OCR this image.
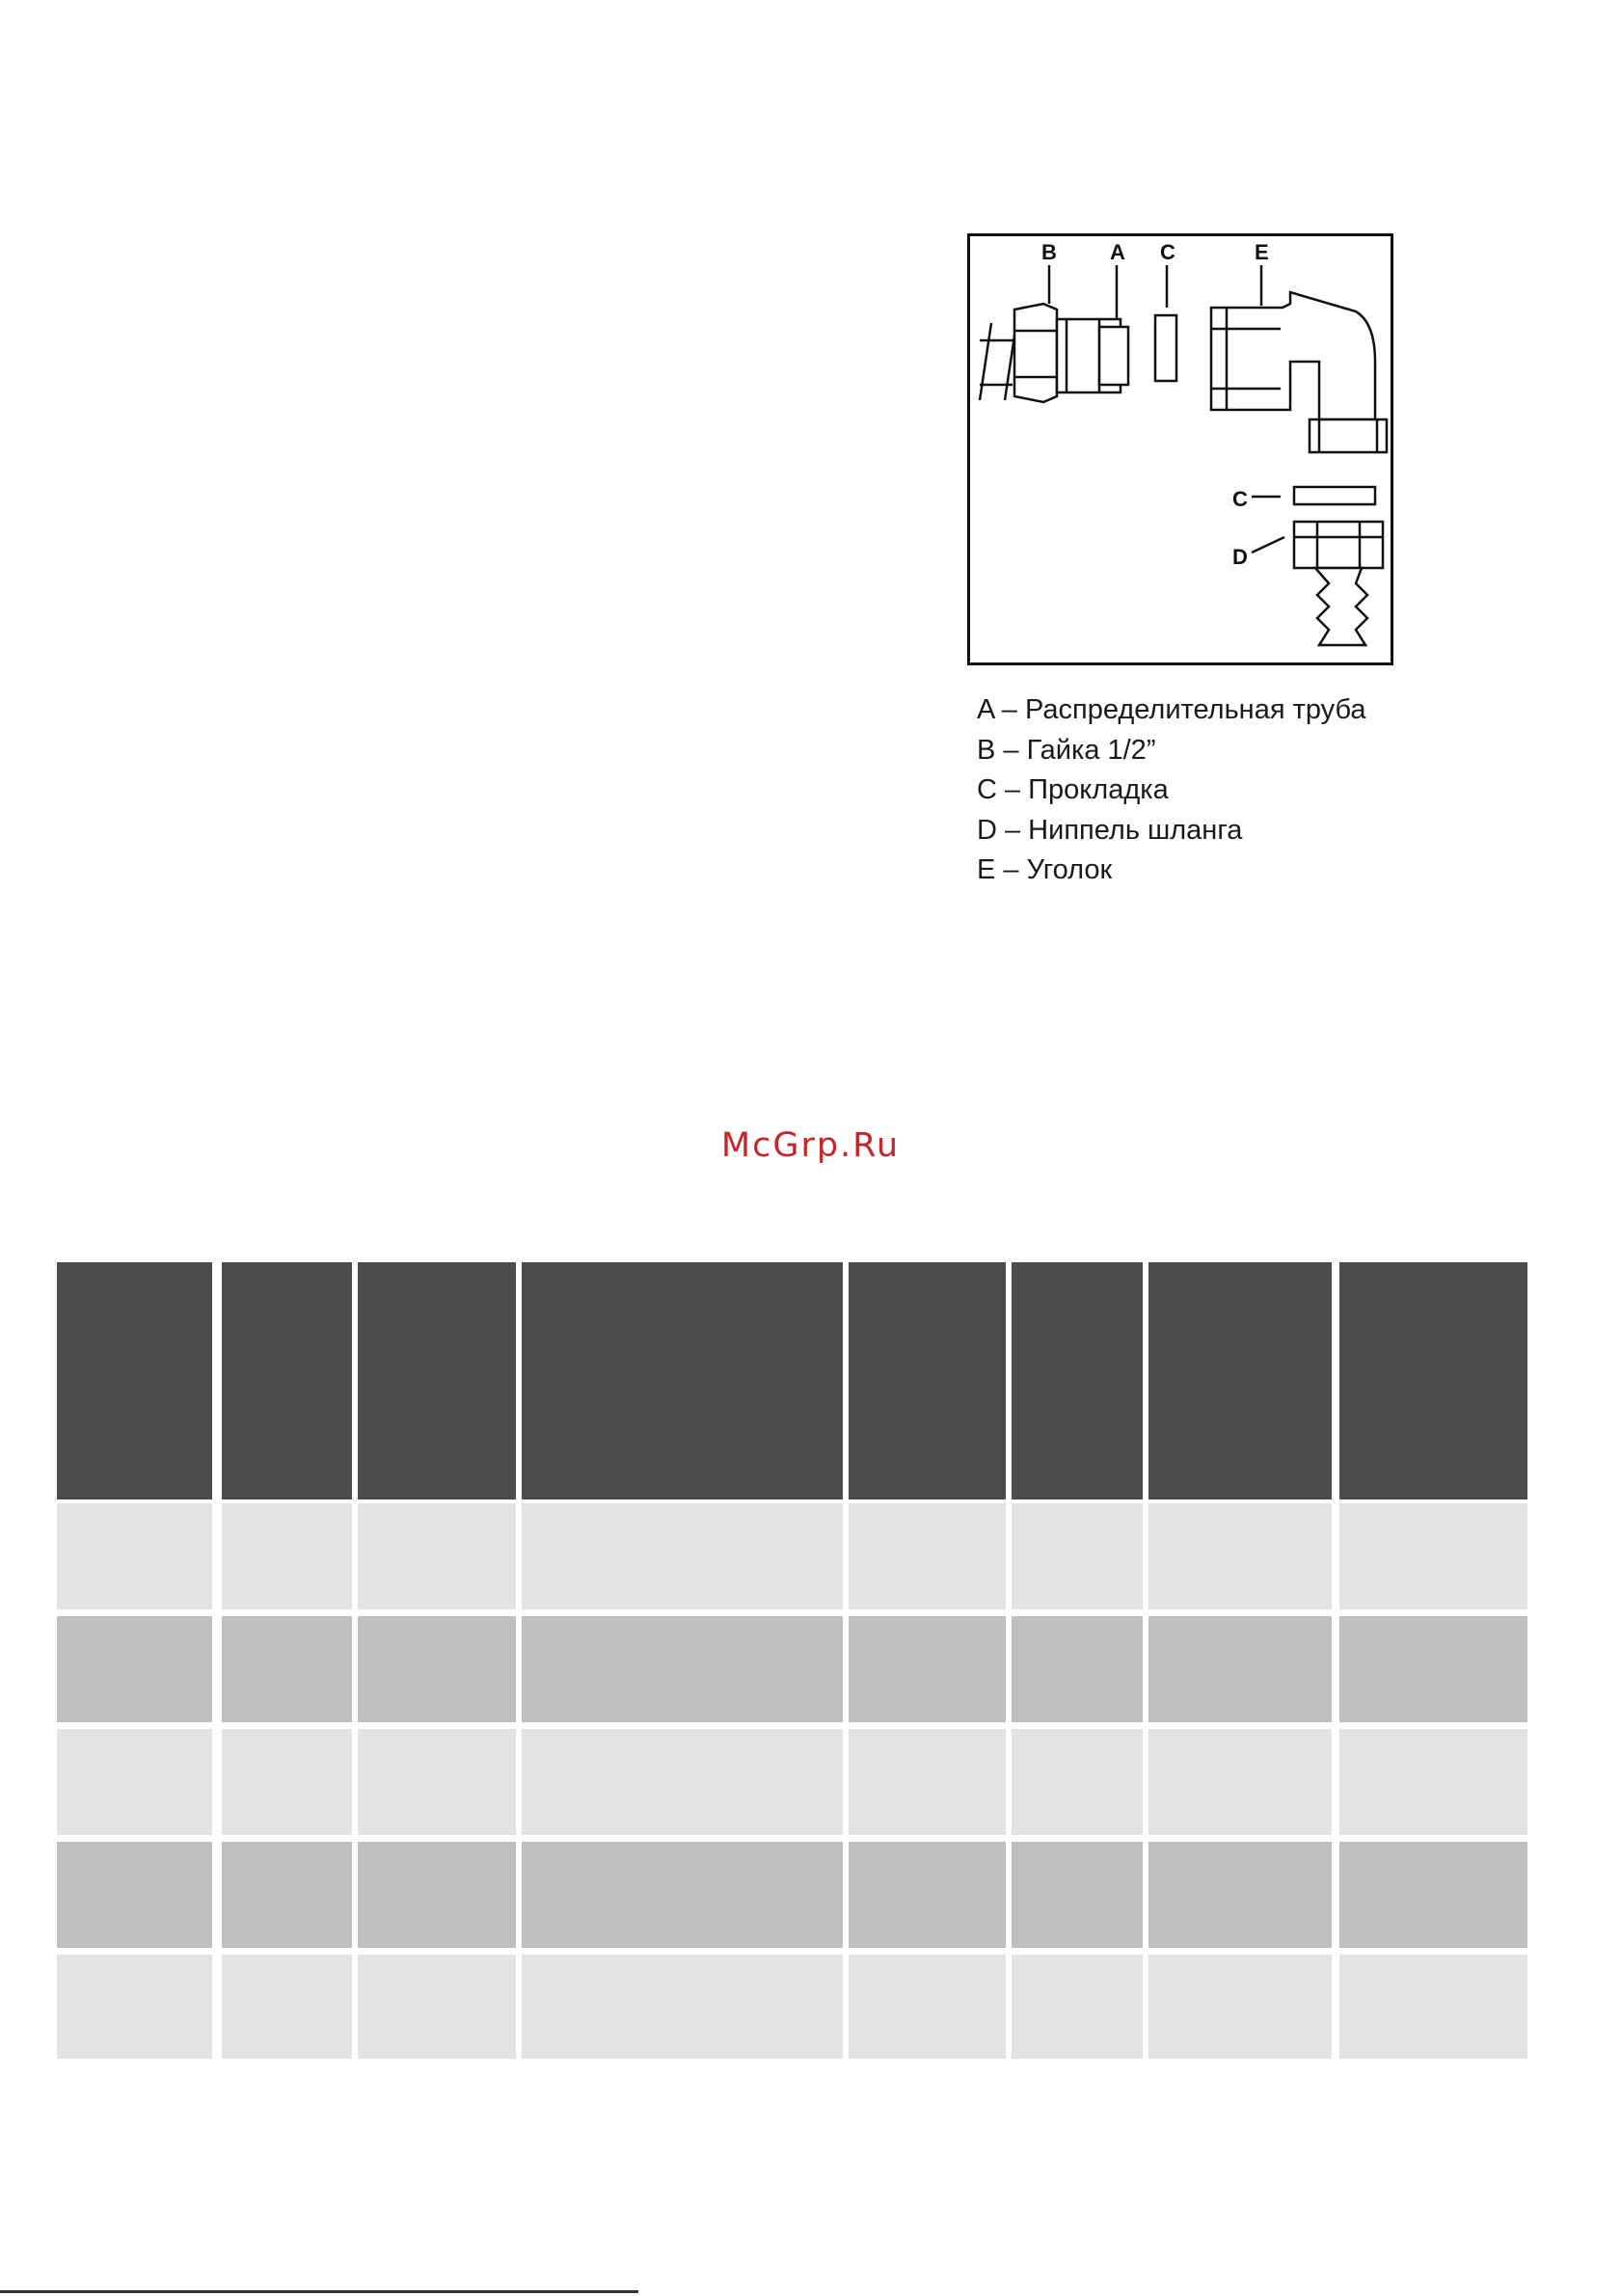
B	A C	E
C
D
A – Распределительная труба
B – Гайка 1/2”
C – Прокладка
D – Ниппель шланга
E – Уголок
McGrp.Ru
